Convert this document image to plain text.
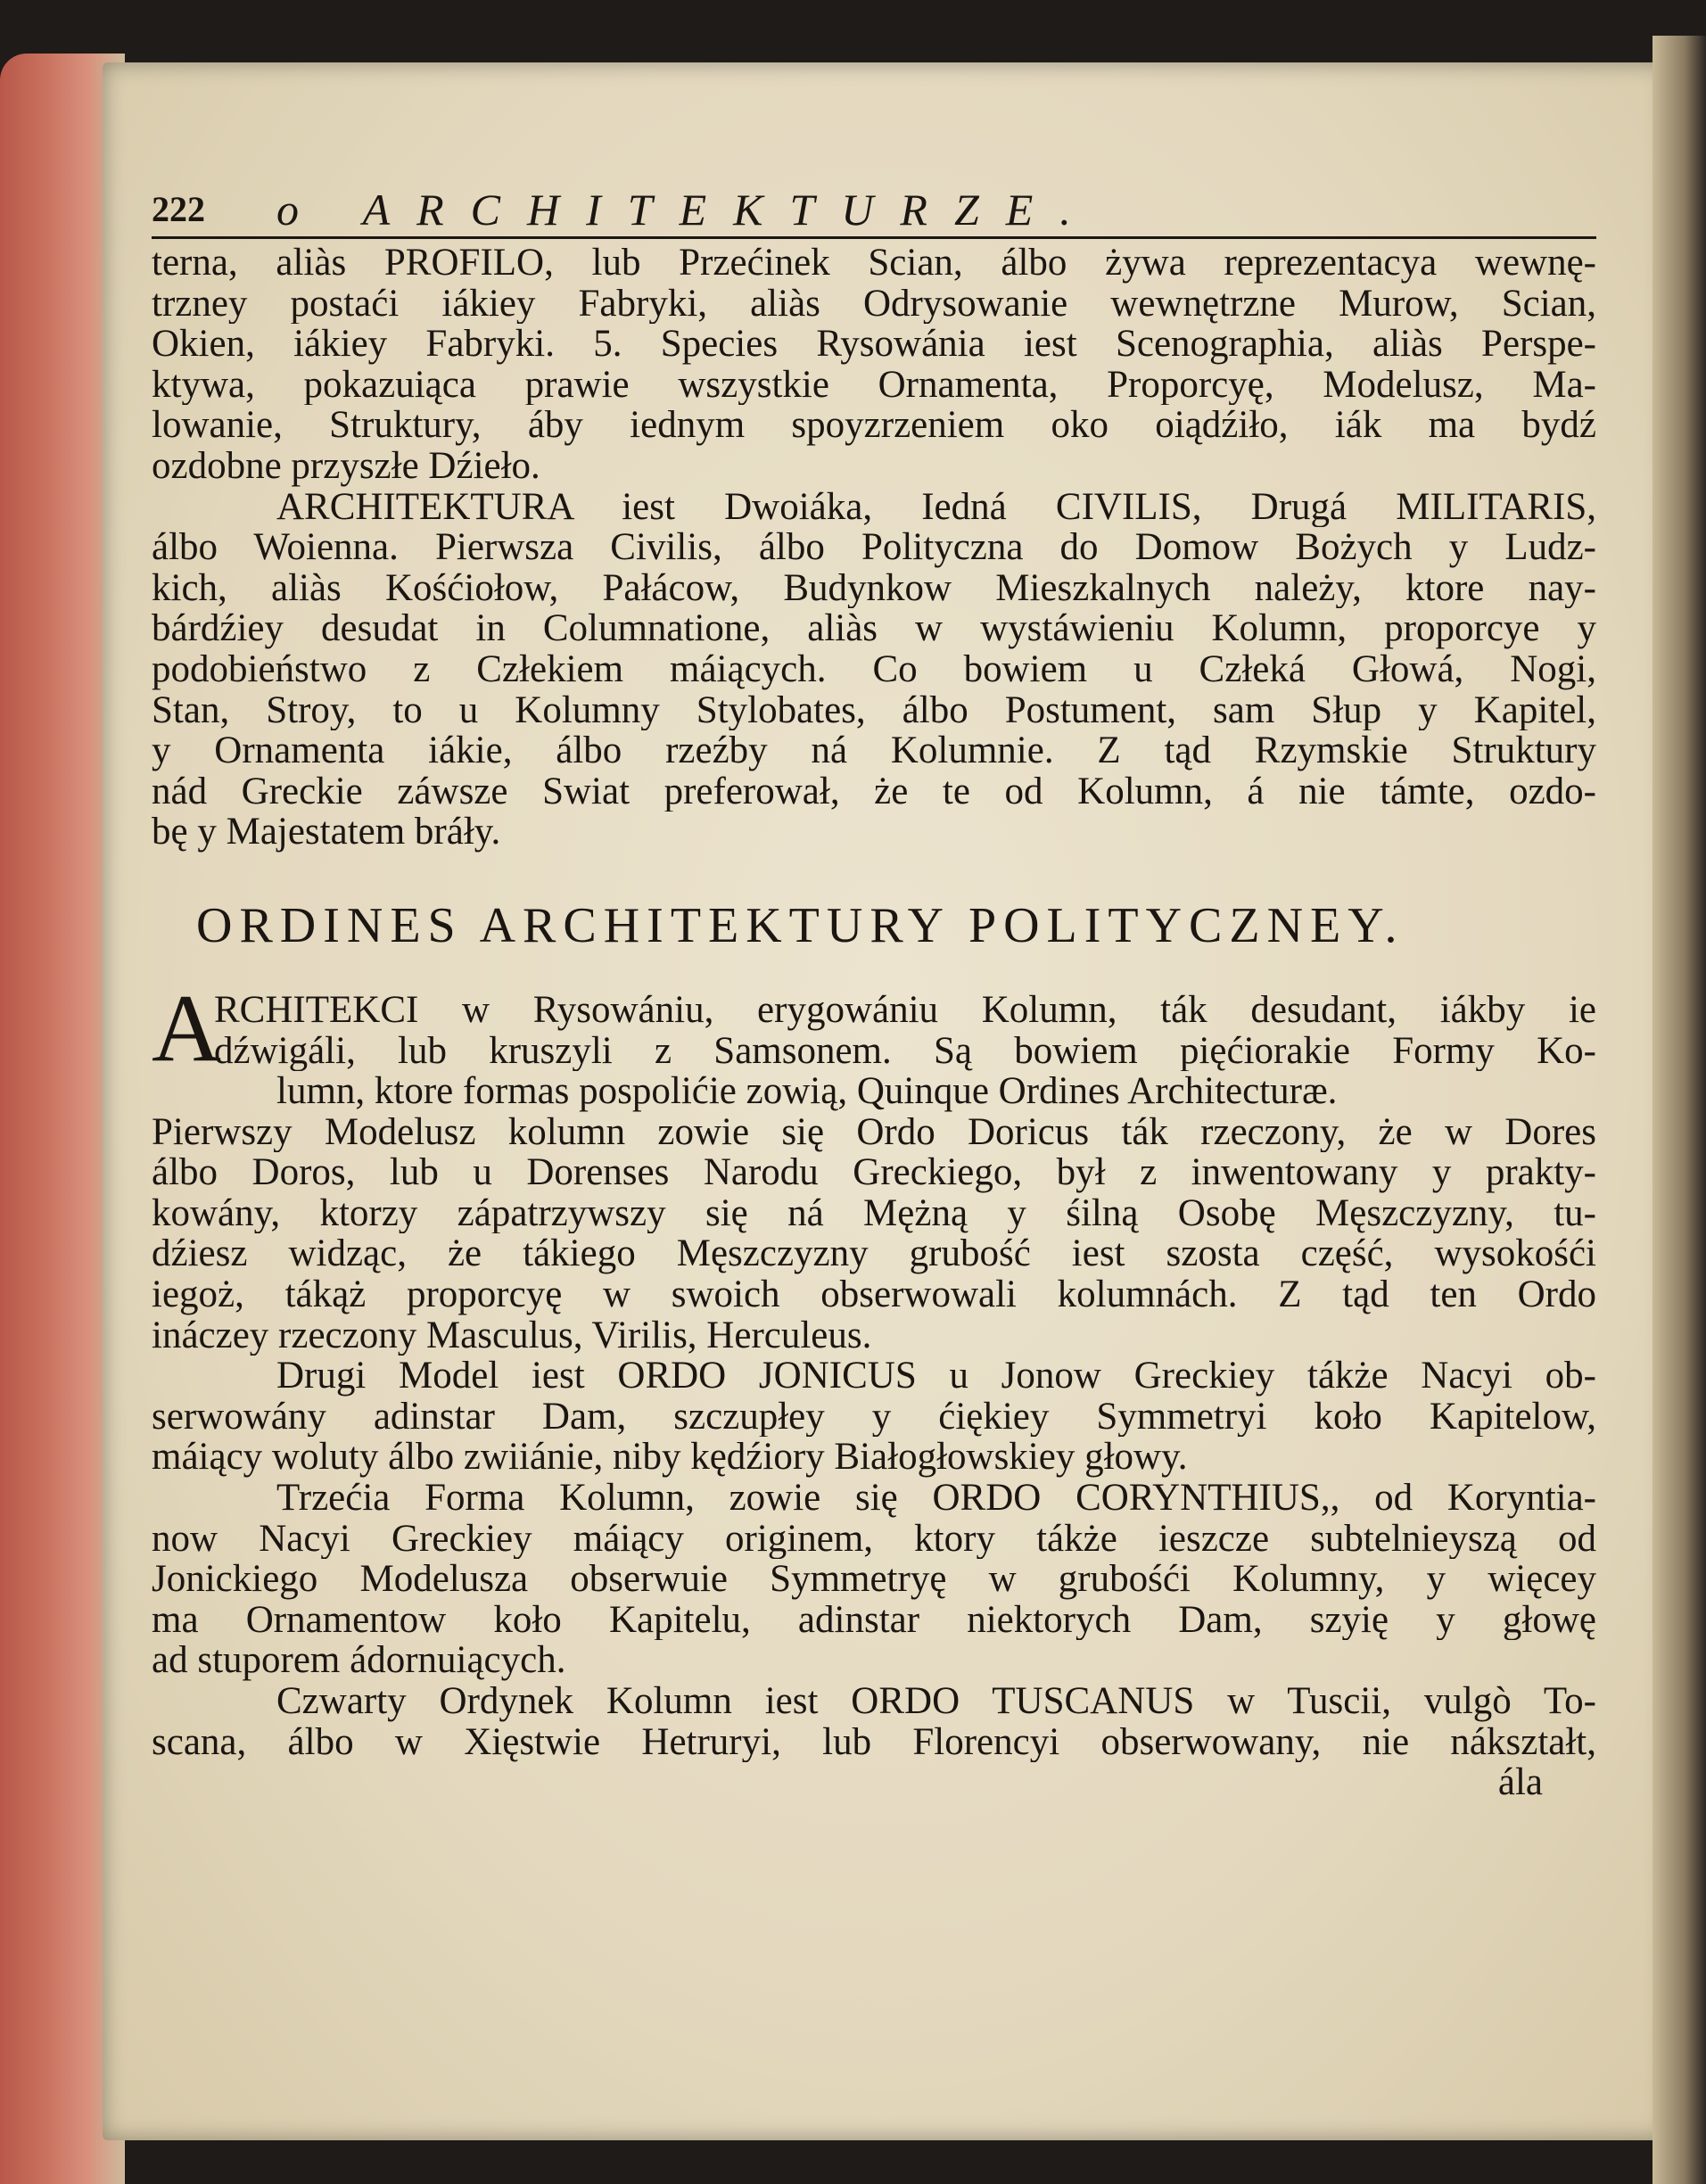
222 o ARCHITEKTURZE.

terna, aliàs PROFILO, lub Przećinek Scian, álbo żywa reprezentacya wewnę-

trzney postaći iákiey Fabryki, aliàs Odrysowanie wewnętrzne Murow, Scian,

Okien, iákiey Fabryki. 5. Species Rysowánia iest Scenographia, aliàs Perspe-

ktywa, pokazuiąca prawie wszystkie Ornamenta, Proporcyę, Modelusz, Ma-

lowanie, Struktury, áby iednym spoyzrzeniem oko oiądźiło, iák ma bydź

ozdobne przyszłe Dźieło.

ARCHITEKTURA iest Dwoiáka, Iedná CIVILIS, Drugá MILITARIS,

álbo Woienna. Pierwsza Civilis, álbo Polityczna do Domow Bożych y Ludz-

kich, aliàs Kośćiołow, Pałácow, Budynkow Mieszkalnych należy, ktore nay-

bárdźiey desudat in Columnatione, aliàs w wystáwieniu Kolumn, proporcye y

podobieństwo z Człekiem máiących. Co bowiem u Człeká Głowá, Nogi,

Stan, Stroy, to u Kolumny Stylobates, álbo Postument, sam Słup y Kapitel,

y Ornamenta iákie, álbo rzeźby ná Kolumnie. Z tąd Rzymskie Struktury

nád Greckie záwsze Swiat preferował, że te od Kolumn, á nie támte, ozdo-

bę y Majestatem bráły.

ORDINES ARCHITEKTURY POLITYCZNEY.
A

RCHITEKCI w Rysowániu, erygowániu Kolumn, ták desudant, iákby ie

dźwigáli, lub kruszyli z Samsonem. Są bowiem pięćiorakie Formy Ko-

lumn, ktore formas pospolićie zowią, Quinque Ordines Architecturæ.

Pierwszy Modelusz kolumn zowie się Ordo Doricus ták rzeczony, że w Dores

álbo Doros, lub u Dorenses Narodu Greckiego, był z inwentowany y prakty-

kowány, ktorzy zápatrzywszy się ná Mężną y śilną Osobę Męszczyzny, tu-

dźiesz widząc, że tákiego Męszczyzny grubość iest szosta część, wysokośći

iegoż, tákąż proporcyę w swoich obserwowali kolumnách. Z tąd ten Ordo

ináczey rzeczony Masculus, Virilis, Herculeus.

Drugi Model iest ORDO JONICUS u Jonow Greckiey tákże Nacyi ob-

serwowány adinstar Dam, szczupłey y ćiękiey Symmetryi koło Kapitelow,

máiący woluty álbo zwiiánie, niby kędźiory Białogłowskiey głowy.

Trzećia Forma Kolumn, zowie się ORDO CORYNTHIUS,, od Koryntia-

now Nacyi Greckiey máiący originem, ktory tákże ieszcze subtelnieyszą od

Jonickiego Modelusza obserwuie Symmetryę w grubośći Kolumny, y więcey

ma Ornamentow koło Kapitelu, adinstar niektorych Dam, szyię y głowę

ad stuporem ádornuiących.

Czwarty Ordynek Kolumn iest ORDO TUSCANUS w Tuscii, vulgò To-

scana, álbo w Xięstwie Hetruryi, lub Florencyi obserwowany, nie nákształt,

ála
